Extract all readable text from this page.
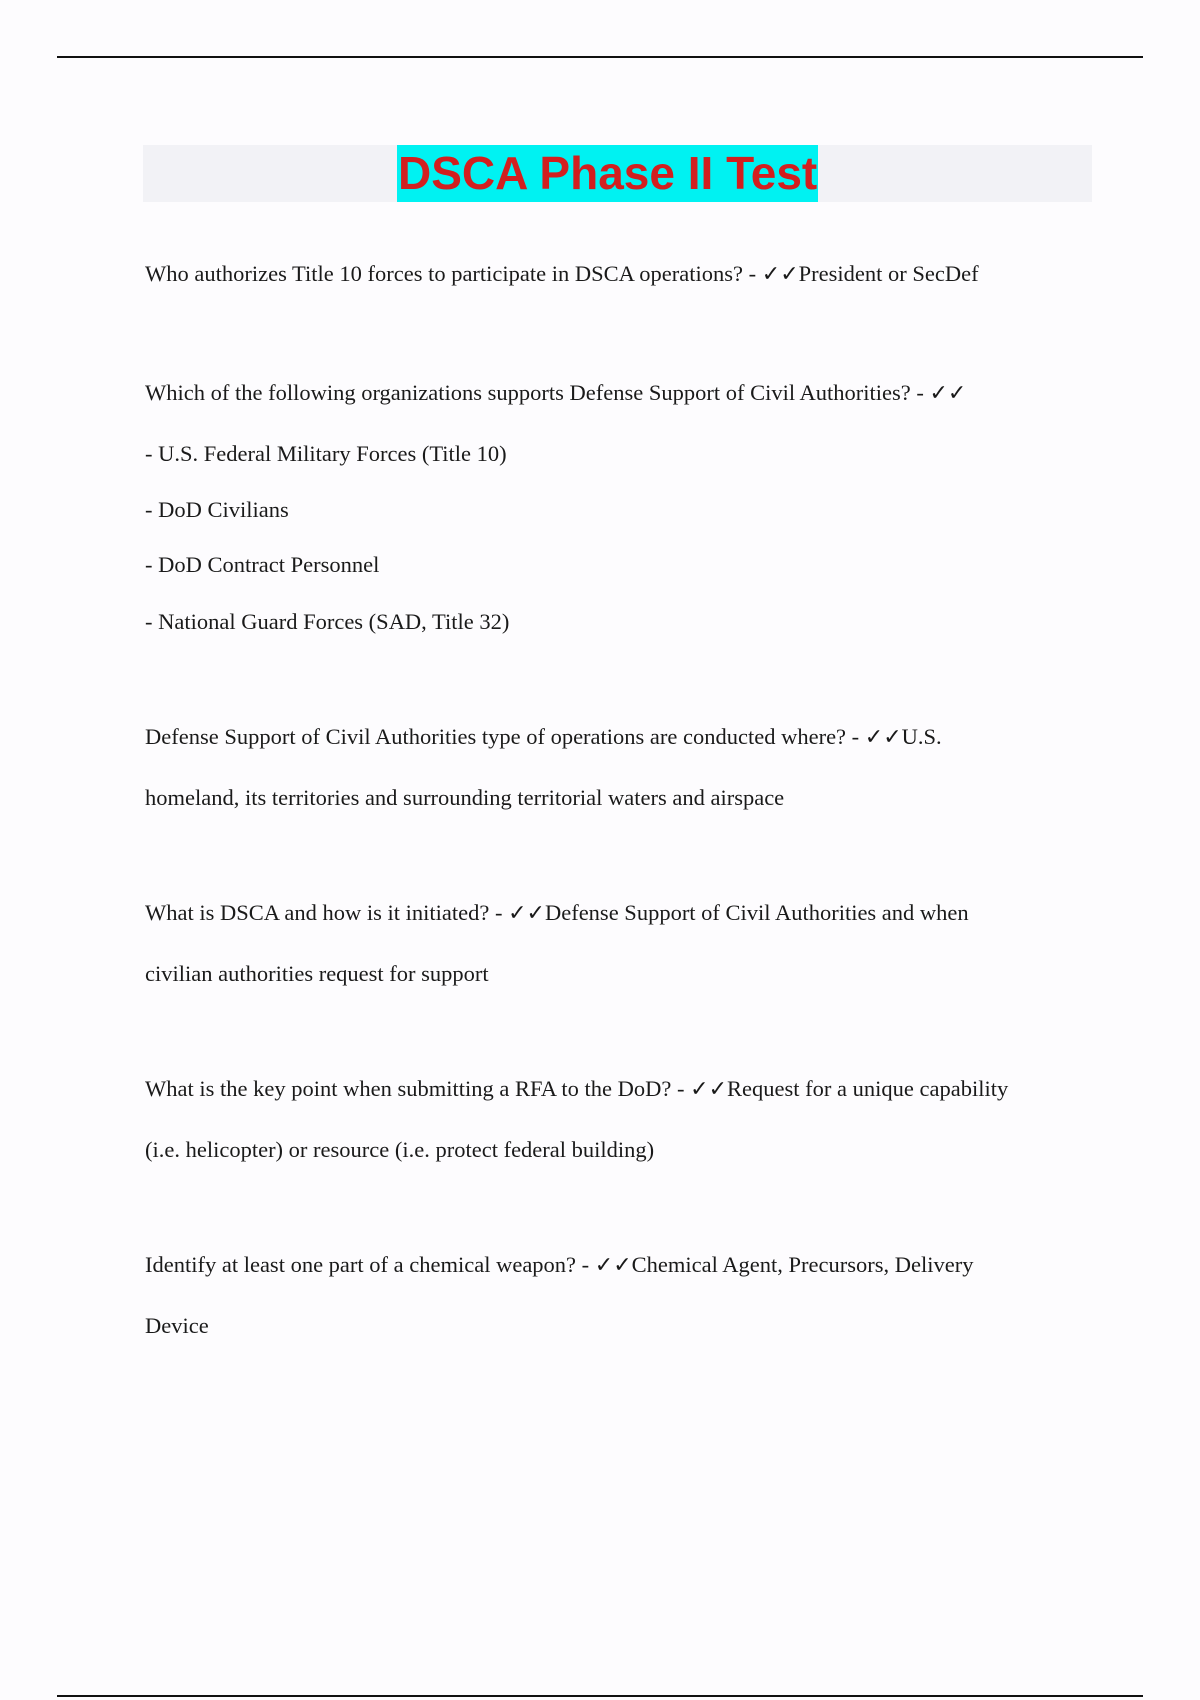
DSCA Phase II Test
Who authorizes Title 10 forces to participate in DSCA operations? - ✓✓President or SecDef
Which of the following organizations supports Defense Support of Civil Authorities? - ✓✓
- U.S. Federal Military Forces (Title 10)
- DoD Civilians
- DoD Contract Personnel
- National Guard Forces (SAD, Title 32)
Defense Support of Civil Authorities type of operations are conducted where? - ✓✓U.S.
homeland, its territories and surrounding territorial waters and airspace
What is DSCA and how is it initiated? - ✓✓Defense Support of Civil Authorities and when
civilian authorities request for support
What is the key point when submitting a RFA to the DoD? - ✓✓Request for a unique capability
(i.e. helicopter) or resource (i.e. protect federal building)
Identify at least one part of a chemical weapon? - ✓✓Chemical Agent, Precursors, Delivery
Device
